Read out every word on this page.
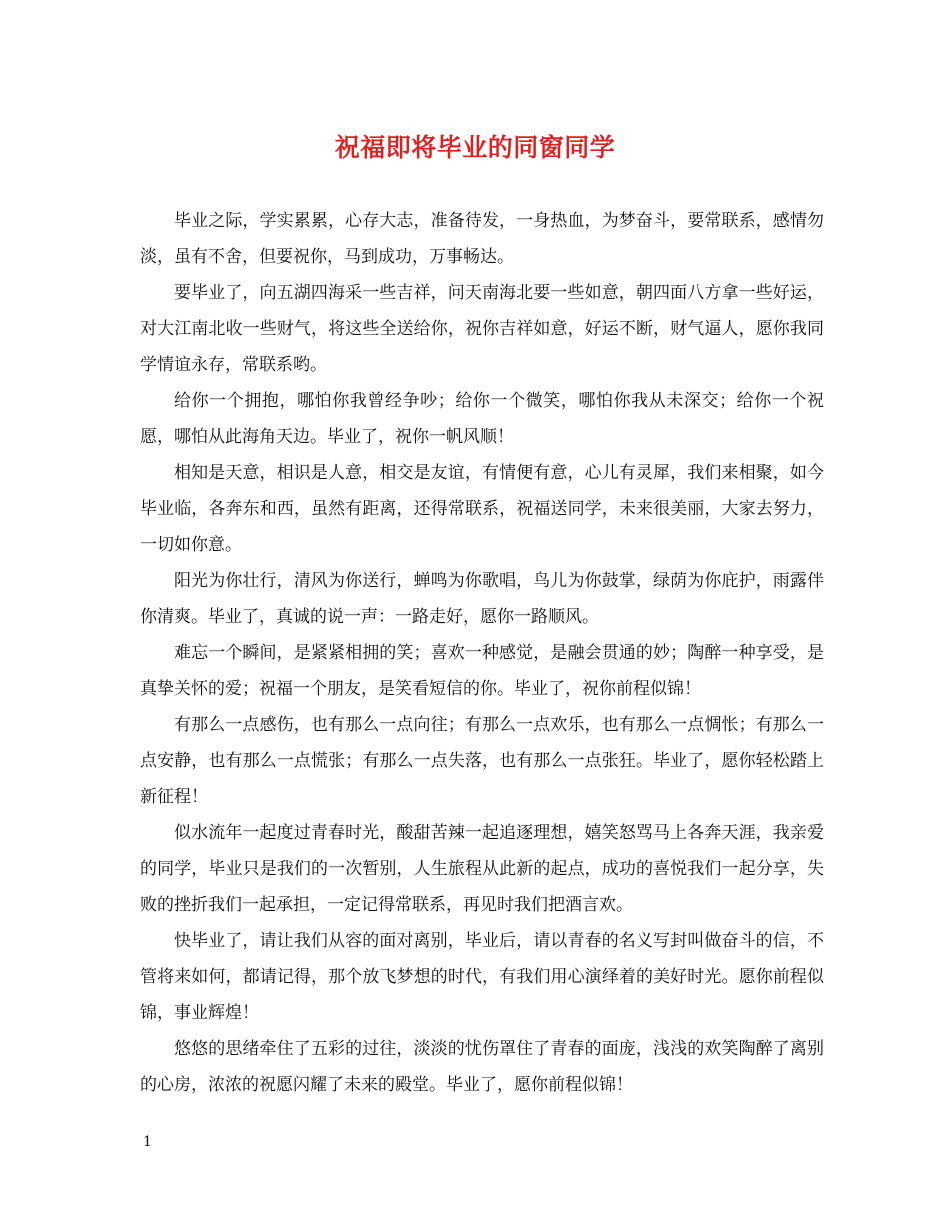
祝福即将毕业的同窗同学

毕业之际，学实累累，心存大志，准备待发，一身热血，为梦奋斗，要常联系，感情勿淡，虽有不舍，但要祝你，马到成功，万事畅达。

要毕业了，向五湖四海采一些吉祥，问天南海北要一些如意，朝四面八方拿一些好运，对大江南北收一些财气，将这些全送给你，祝你吉祥如意，好运不断，财气逼人，愿你我同学情谊永存，常联系哟。

给你一个拥抱，哪怕你我曾经争吵；给你一个微笑，哪怕你我从未深交；给你一个祝愿，哪怕从此海角天边。毕业了，祝你一帆风顺！

相知是天意，相识是人意，相交是友谊，有情便有意，心儿有灵犀，我们来相聚，如今毕业临，各奔东和西，虽然有距离，还得常联系，祝福送同学，未来很美丽，大家去努力，一切如你意。

阳光为你壮行，清风为你送行，蝉鸣为你歌唱，鸟儿为你鼓掌，绿荫为你庇护，雨露伴你清爽。毕业了，真诚的说一声：一路走好，愿你一路顺风。

难忘一个瞬间，是紧紧相拥的笑；喜欢一种感觉，是融会贯通的妙；陶醉一种享受，是真挚关怀的爱；祝福一个朋友，是笑看短信的你。毕业了，祝你前程似锦！

有那么一点感伤，也有那么一点向往；有那么一点欢乐，也有那么一点惆怅；有那么一点安静，也有那么一点慌张；有那么一点失落，也有那么一点张狂。毕业了，愿你轻松踏上新征程！

似水流年一起度过青春时光，酸甜苦辣一起追逐理想，嬉笑怒骂马上各奔天涯，我亲爱的同学，毕业只是我们的一次暂别，人生旅程从此新的起点，成功的喜悦我们一起分享，失败的挫折我们一起承担，一定记得常联系，再见时我们把酒言欢。

快毕业了，请让我们从容的面对离别，毕业后，请以青春的名义写封叫做奋斗的信，不管将来如何，都请记得，那个放飞梦想的时代，有我们用心演绎着的美好时光。愿你前程似锦，事业辉煌！

悠悠的思绪牵住了五彩的过往，淡淡的忧伤罩住了青春的面庞，浅浅的欢笑陶醉了离别的心房，浓浓的祝愿闪耀了未来的殿堂。毕业了，愿你前程似锦！

1
